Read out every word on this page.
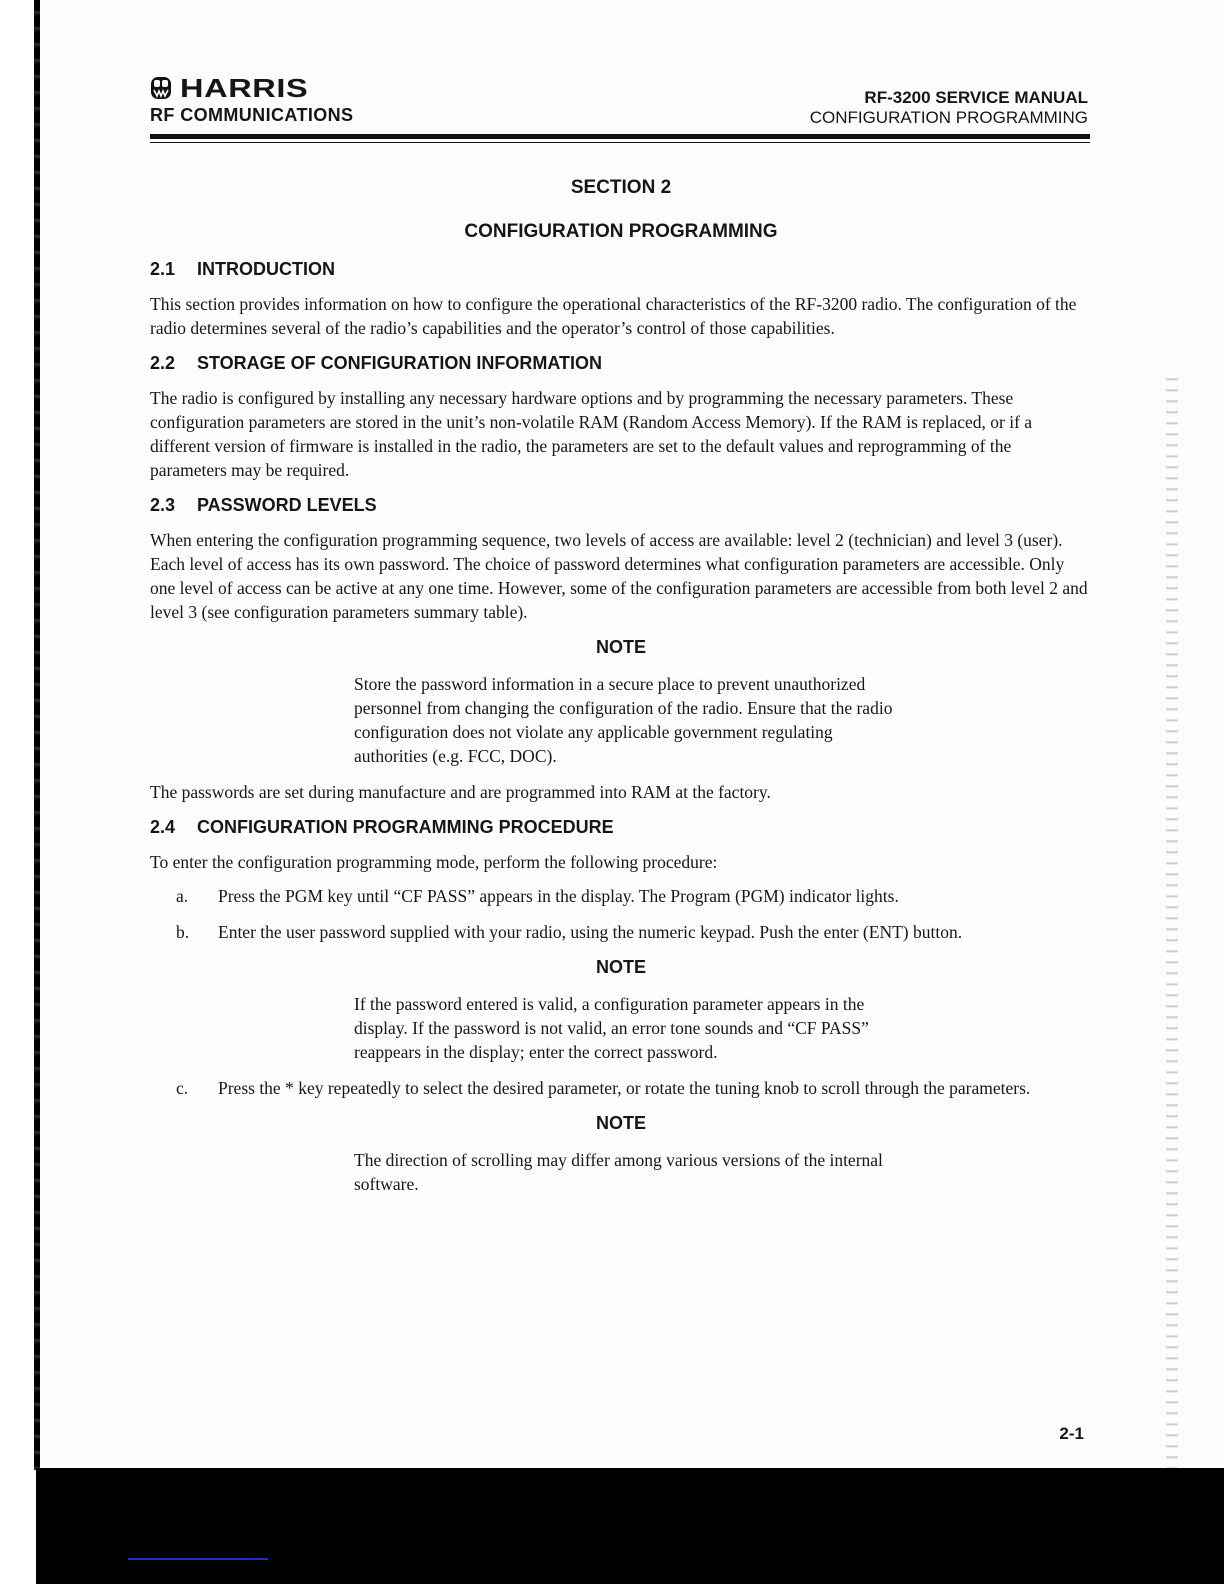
HARRIS
RF COMMUNICATIONS
RF-3200 SERVICE MANUAL
CONFIGURATION PROGRAMMING
SECTION 2
CONFIGURATION PROGRAMMING
2.1 INTRODUCTION

This section provides information on how to configure the operational characteristics of the RF-3200 radio. The configuration of the radio determines several of the radio’s capabilities and the operator’s control of those capabilities.

2.2 STORAGE OF CONFIGURATION INFORMATION

The radio is configured by installing any necessary hardware options and by programming the necessary parameters. These configuration parameters are stored in the unit’s non-volatile RAM (Random Access Memory). If the RAM is replaced, or if a different version of firmware is installed in the radio, the parameters are set to the default values and reprogramming of the parameters may be required.

2.3 PASSWORD LEVELS

When entering the configuration programming sequence, two levels of access are available: level 2 (technician) and level 3 (user). Each level of access has its own password. The choice of password determines what configuration parameters are accessible. Only one level of access can be active at any one time. However, some of the configuration parameters are accessible from both level 2 and level 3 (see configuration parameters summary table).

NOTE
Store the password information in a secure place to prevent unauthorized personnel from changing the configuration of the radio. Ensure that the radio configuration does not violate any applicable government regulating authorities (e.g. FCC, DOC).

The passwords are set during manufacture and are programmed into RAM at the factory.

2.4 CONFIGURATION PROGRAMMING PROCEDURE

To enter the configuration programming mode, perform the following procedure:

a.	Press the PGM key until “CF PASS” appears in the display. The Program (PGM) indicator lights.
b.	Enter the user password supplied with your radio, using the numeric keypad. Push the enter (ENT) button.
NOTE
If the password entered is valid, a configuration parameter appears in the display. If the password is not valid, an error tone sounds and “CF PASS” reappears in the display; enter the correct password.
c.	Press the * key repeatedly to select the desired parameter, or rotate the tuning knob to scroll through the parameters.
NOTE
The direction of scrolling may differ among various versions of the internal software.
2-1
